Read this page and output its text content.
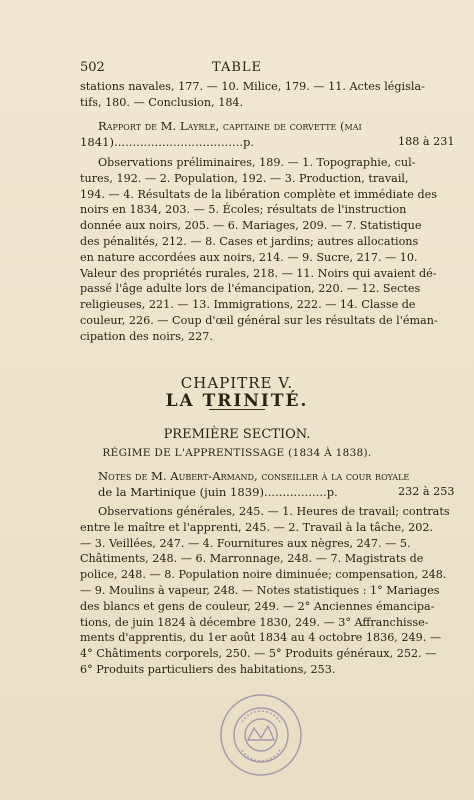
502	TABLE
stations navales, 177. — 10. Milice, 179. — 11. Actes législa-
tifs, 180. — Conclusion, 184.
Rapport de M. Layrle, capitaine de corvette (mai
1841)...................................p.	188 à 231
Observations préliminaires, 189. — 1. Topographie, cul-
tures, 192. — 2. Population, 192. — 3. Production, travail,
194. — 4. Résultats de la libération complète et immédiate des
noirs en 1834, 203. — 5. Écoles; résultats de l'instruction
donnée aux noirs, 205. — 6. Mariages, 209. — 7. Statistique
des pénalités, 212. — 8. Cases et jardins; autres allocations
en nature accordées aux noirs, 214. — 9. Sucre, 217. — 10.
Valeur des propriétés rurales, 218. — 11. Noirs qui avaient dé-
passé l'âge adulte lors de l'émancipation, 220. — 12. Sectes
religieuses, 221. — 13. Immigrations, 222. — 14. Classe de
couleur, 226. — Coup d'œil général sur les résultats de l'éman-
cipation des noirs, 227.
CHAPITRE V.
LA TRINITÉ.
PREMIÈRE SECTION.
RÉGIME DE L'APPRENTISSAGE (1834 À 1838).
Notes de M. Aubert-Armand, conseiller à la cour royale
de la Martinique (juin 1839).................p.	232 à 253
Observations générales, 245. — 1. Heures de travail; contrats
entre le maître et l'apprenti, 245. — 2. Travail à la tâche, 202.
— 3. Veillées, 247. — 4. Fournitures aux nègres, 247. — 5.
Châtiments, 248. — 6. Marronnage, 248. — 7. Magistrats de
police, 248. — 8. Population noire diminuée; compensation, 248.
— 9. Moulins à vapeur, 248. — Notes statistiques : 1° Mariages
des blancs et gens de couleur, 249. — 2° Anciennes émancipa-
tions, de juin 1824 à décembre 1830, 249. — 3° Affranchisse-
ments d'apprentis, du 1er août 1834 au 4 octobre 1836, 249. —
4° Châtiments corporels, 250. — 5° Produits généraux, 252. —
6° Produits particuliers des habitations, 253.
